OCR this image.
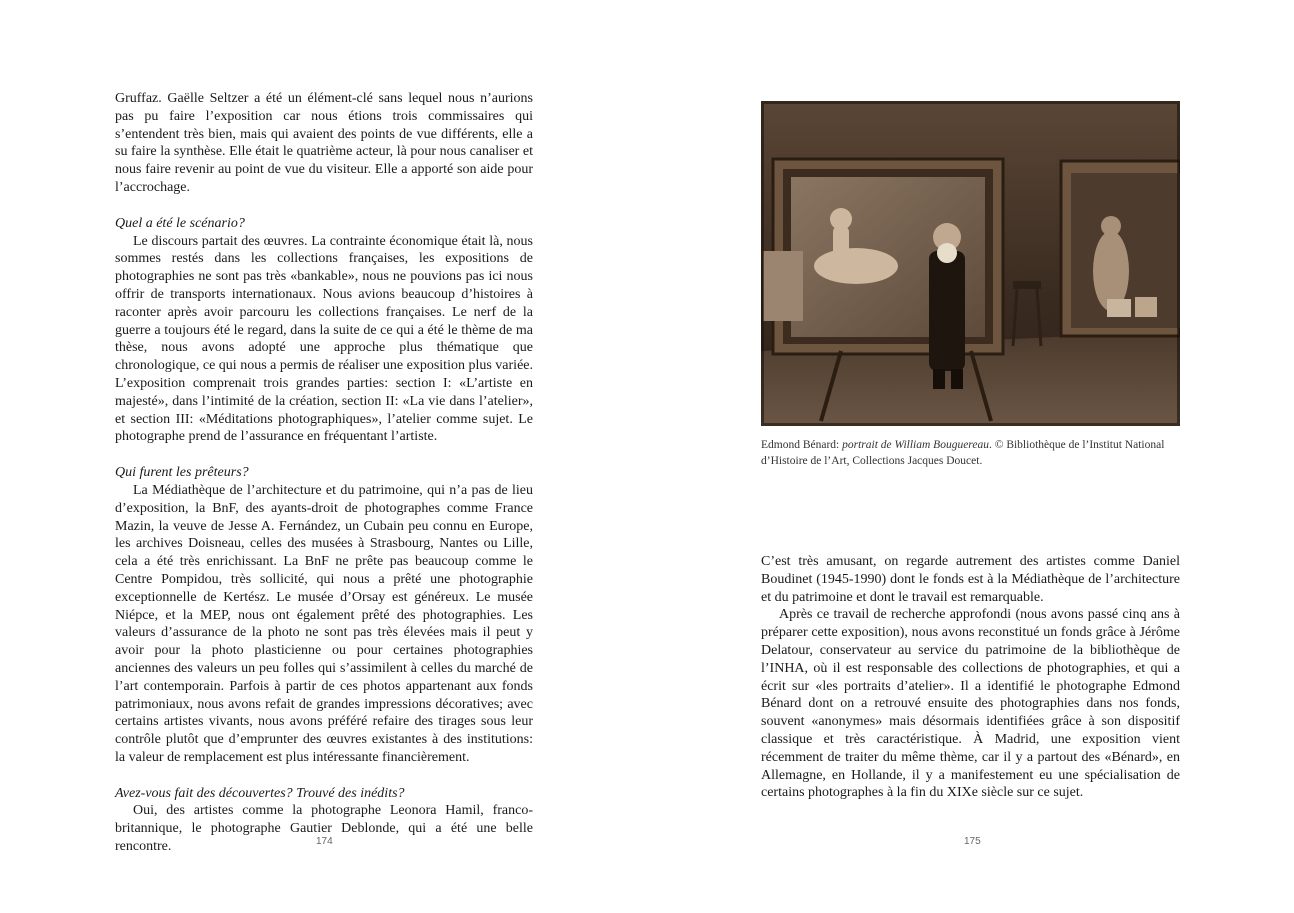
Gruffaz. Gaëlle Seltzer a été un élément-clé sans lequel nous n’aurions pas pu faire l’exposition car nous étions trois commissaires qui s’entendent très bien, mais qui avaient des points de vue différents, elle a su faire la synthèse. Elle était le quatrième acteur, là pour nous canaliser et nous faire revenir au point de vue du visiteur. Elle a apporté son aide pour l’accrochage.

Quel a été le scénario?

Le discours partait des œuvres. La contrainte économique était là, nous sommes restés dans les collections françaises, les expositions de photographies ne sont pas très «bankable», nous ne pouvions pas ici nous offrir de transports internationaux. Nous avions beaucoup d’histoires à raconter après avoir parcouru les collections françaises. Le nerf de la guerre a toujours été le regard, dans la suite de ce qui a été le thème de ma thèse, nous avons adopté une approche plus thématique que chronologique, ce qui nous a permis de réaliser une exposition plus variée. L’exposition comprenait trois grandes parties: section I: «L’artiste en majesté», dans l’intimité de la création, section II: «La vie dans l’atelier», et section III: «Méditations photographiques», l’atelier comme sujet. Le photographe prend de l’assurance en fréquentant l’artiste.

Qui furent les prêteurs?

La Médiathèque de l’architecture et du patrimoine, qui n’a pas de lieu d’exposition, la BnF, des ayants-droit de photographes comme France Mazin, la veuve de Jesse A. Fernández, un Cubain peu connu en Europe, les archives Doisneau, celles des musées à Strasbourg, Nantes ou Lille, cela a été très enrichissant. La BnF ne prête pas beaucoup comme le Centre Pompidou, très sollicité, qui nous a prêté une photographie exceptionnelle de Kertész. Le musée d’Orsay est généreux. Le musée Niépce, et la MEP, nous ont également prêté des photographies. Les valeurs d’assurance de la photo ne sont pas très élevées mais il peut y avoir pour la photo plasticienne ou pour certaines photographies anciennes des valeurs un peu folles qui s’assimilent à celles du marché de l’art contemporain. Parfois à partir de ces photos appartenant aux fonds patrimoniaux, nous avons refait de grandes impressions décoratives; avec certains artistes vivants, nous avons préféré refaire des tirages sous leur contrôle plutôt que d’emprunter des œuvres existantes à des institutions: la valeur de remplacement est plus intéressante financièrement.

Avez-vous fait des découvertes? Trouvé des inédits?

Oui, des artistes comme la photographe Leonora Hamil, franco-britannique, le photographe Gautier Deblonde, qui a été une belle rencontre.	174
Edmond Bénard: portrait de William Bouguereau. © Bibliothèque de l’Institut National d’Histoire de l’Art, Collections Jacques Doucet.

C’est très amusant, on regarde autrement des artistes comme Daniel Boudinet (1945-1990) dont le fonds est à la Médiathèque de l’architecture et du patrimoine et dont le travail est remarquable.

Après ce travail de recherche approfondi (nous avons passé cinq ans à préparer cette exposition), nous avons reconstitué un fonds grâce à Jérôme Delatour, conservateur au service du patrimoine de la bibliothèque de l’INHA, où il est responsable des collections de photographies, et qui a écrit sur «les portraits d’atelier». Il a identifié le photographe Edmond Bénard dont on a retrouvé ensuite des photographies dans nos fonds, souvent «anonymes» mais désormais identifiées grâce à son dispositif classique et très caractéristique. À Madrid, une exposition vient récemment de traiter du même thème, car il y a partout des «Bénard», en Allemagne, en Hollande, il y a manifestement eu une spécialisation de certains photographes à la fin du XIXe siècle sur ce sujet.

175
